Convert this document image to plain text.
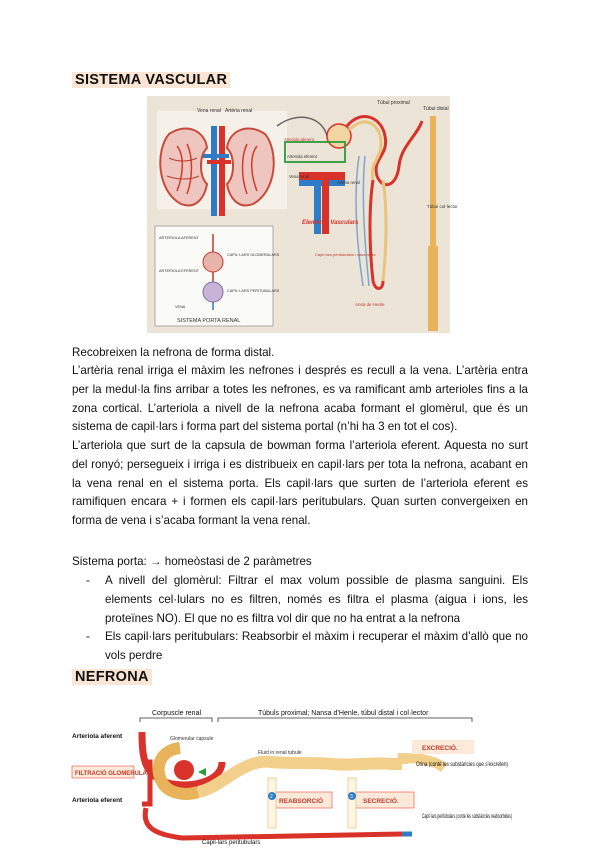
SISTEMA VASCULAR
Vena renal Artèria renal
Túbul proximal
Túbul distal
Arteriola aferent
Arteriola eferent
Vena renal
Artèria renal
Túbul col·lector
Elements Vasculars
Capil·lars peritubulars i vasa recta
Ansa de Henle
ARTERIOLA AFERENT
CAPIL·LARS GLOMERULARS
ARTERIOLA EFERENT
CAPIL·LARS PERITUBULARS
VENA
SISTEMA PORTA RENAL

Recobreixen la nefrona de forma distal.

L’artèria renal irriga el màxim les nefrones i després es recull a la vena. L’artèria entra per la medul·la fins arribar a totes les nefrones, es va ramificant amb arterioles fins a la zona cortical. L’arteriola a nivell de la nefrona acaba formant el glomèrul, que és un sistema de capil·lars i forma part del sistema portal (n’hi ha 3 en tot el cos).

L’arteriola que surt de la capsula de bowman forma l’arteriola eferent. Aquesta no surt del ronyó; persegueix i irriga i es distribueix en capil·lars per tota la nefrona, acabant en la vena renal en el sistema porta. Els capil·lars que surten de l’arteriola eferent es ramifiquen encara + i formen els capil·lars peritubulars. Quan surten convergeixen en forma de vena i s’acaba formant la vena renal.

Sistema porta: → homeòstasi de 2 paràmetres

- A nivell del glomèrul: Filtrar el max volum possible de plasma sanguini. Els elements cel·lulars no es filtren, només es filtra el plasma (aigua i ions, les proteïnes NO). El que no es filtra vol dir que no ha entrat a la nefrona
- Els capil·lars peritubulars: Reabsorbir el màxim i recuperar el màxim d’allò que no vols perdre
NEFRONA
Corpuscle renal	Túbuls proximal; Nansa d’Henle, túbul distal i col·lector
Arteriola aferent	Glomerular capsule
FILTRACIÓ GLOMERULAR
Arteriola eferent
Fluid in renal tubule
REABSORCIÓ	SECRECIÓ.
2	3
EXCRECIÓ.
Orina (conté les substàncies que s’excreten)
Capil·lars peritubulars (conté les substàncies reabsorbides)
Capil·lars peritubulars
